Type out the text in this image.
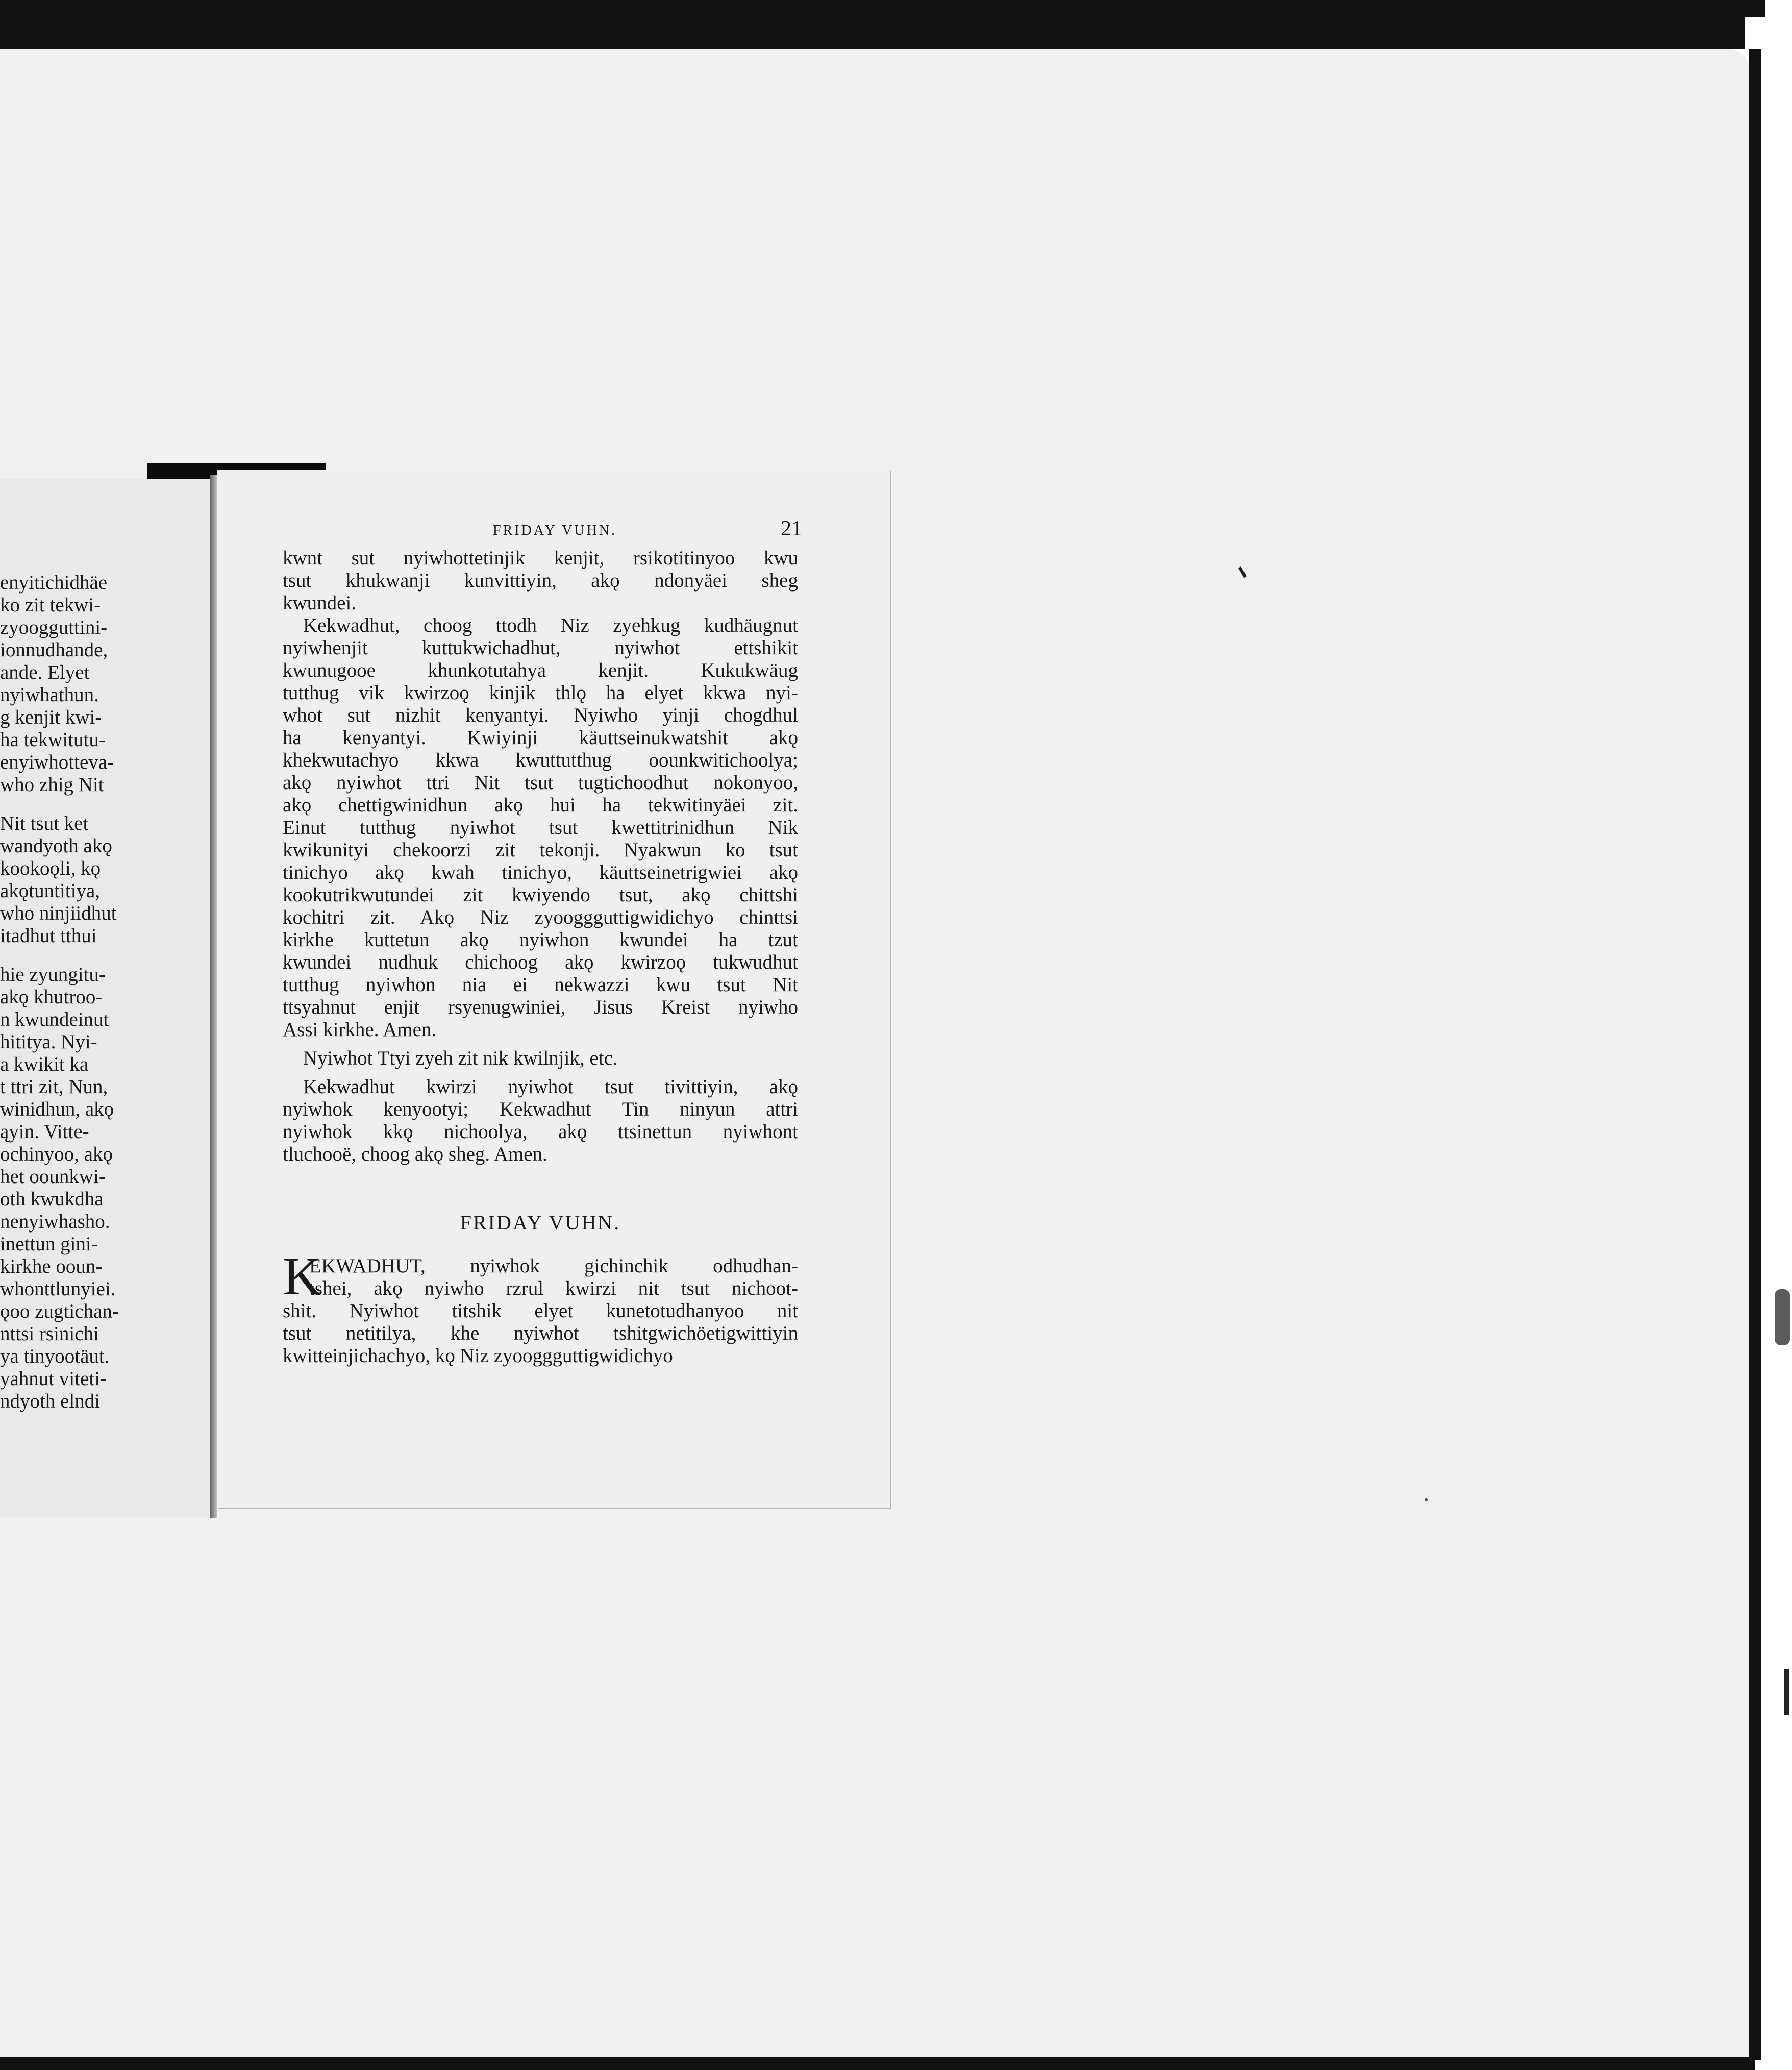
enyitichidhäe
ko zit tekwi-
zyoogguttini-
ionnudhande,
ande. Elyet
nyiwhathun.
g kenjit kwi-
ha tekwitutu-
enyiwhotteva-
who zhig Nit
Nit tsut ket
wandyoth akǫ
kookoǫli, kǫ
akǫtuntitiya,
who ninjiidhut
itadhut tthui
hie zyungitu-
akǫ khutroo-
n kwundeinut
hititya. Nyi-
a kwikit ka
t ttri zit, Nun,
winidhun, akǫ
ąyin. Vitte-
ochinyoo, akǫ
het oounkwi-
oth kwukdha
nenyiwhasho.
inettun gini-
kirkhe ooun-
whonttlunyiei.
ǫoo zugtichan-
nttsi rsinichi
ya tinyootäut.
yahnut viteti-
ndyoth elndi
FRIDAY VUHN.	21
kwnt sut nyiwhottetinjik kenjit, rsikotitinyoo kwu
tsut khukwanji kunvittiyin, akǫ ndonyäei sheg
kwundei.
Kekwadhut, choog ttodh Niz zyehkug kudhäugnut
nyiwhenjit kuttukwichadhut, nyiwhot ettshikit
kwunugooe khunkotutahya kenjit. Kukukwäug
tutthug vik kwirzoǫ kinjik thlǫ ha elyet kkwa nyi-
whot sut nizhit kenyantyi. Nyiwho yinji chogdhul
ha kenyantyi. Kwiyinji käuttseinukwatshit akǫ
khekwutachyo kkwa kwuttutthug oounkwitichoolya;
akǫ nyiwhot ttri Nit tsut tugtichoodhut nokonyoo,
akǫ chettigwinidhun akǫ hui ha tekwitinyäei zit.
Einut tutthug nyiwhot tsut kwettitrinidhun Nik
kwikunityi chekoorzi zit tekonji. Nyakwun ko tsut
tinichyo akǫ kwah tinichyo, käuttseinetrigwiei akǫ
kookutrikwutundei zit kwiyendo tsut, akǫ chittshi
kochitri zit. Akǫ Niz zyooggguttigwidichyo chinttsi
kirkhe kuttetun akǫ nyiwhon kwundei ha tzut
kwundei nudhuk chichoog akǫ kwirzoǫ tukwudhut
tutthug nyiwhon nia ei nekwazzi kwu tsut Nit
ttsyahnut enjit rsyenugwiniei, Jisus Kreist nyiwho
Assi kirkhe. Amen.
Nyiwhot Ttyi zyeh zit nik kwilnjik, etc.
Kekwadhut kwirzi nyiwhot tsut tivittiyin, akǫ
nyiwhok kenyootyi; Kekwadhut Tin ninyun attri
nyiwhok kkǫ nichoolya, akǫ ttsinettun nyiwhont
tluchooë, choog akǫ sheg. Amen.
FRIDAY VUHN.
K
EKWADHUT, nyiwhok gichinchik odhudhan-
tshei, akǫ nyiwho rzrul kwirzi nit tsut nichoot-
shit. Nyiwhot titshik elyet kunetotudhanyoo nit
tsut netitilya, khe nyiwhot tshitgwichöetigwittiyin
kwitteinjichachyo, kǫ Niz zyooggguttigwidichyo
